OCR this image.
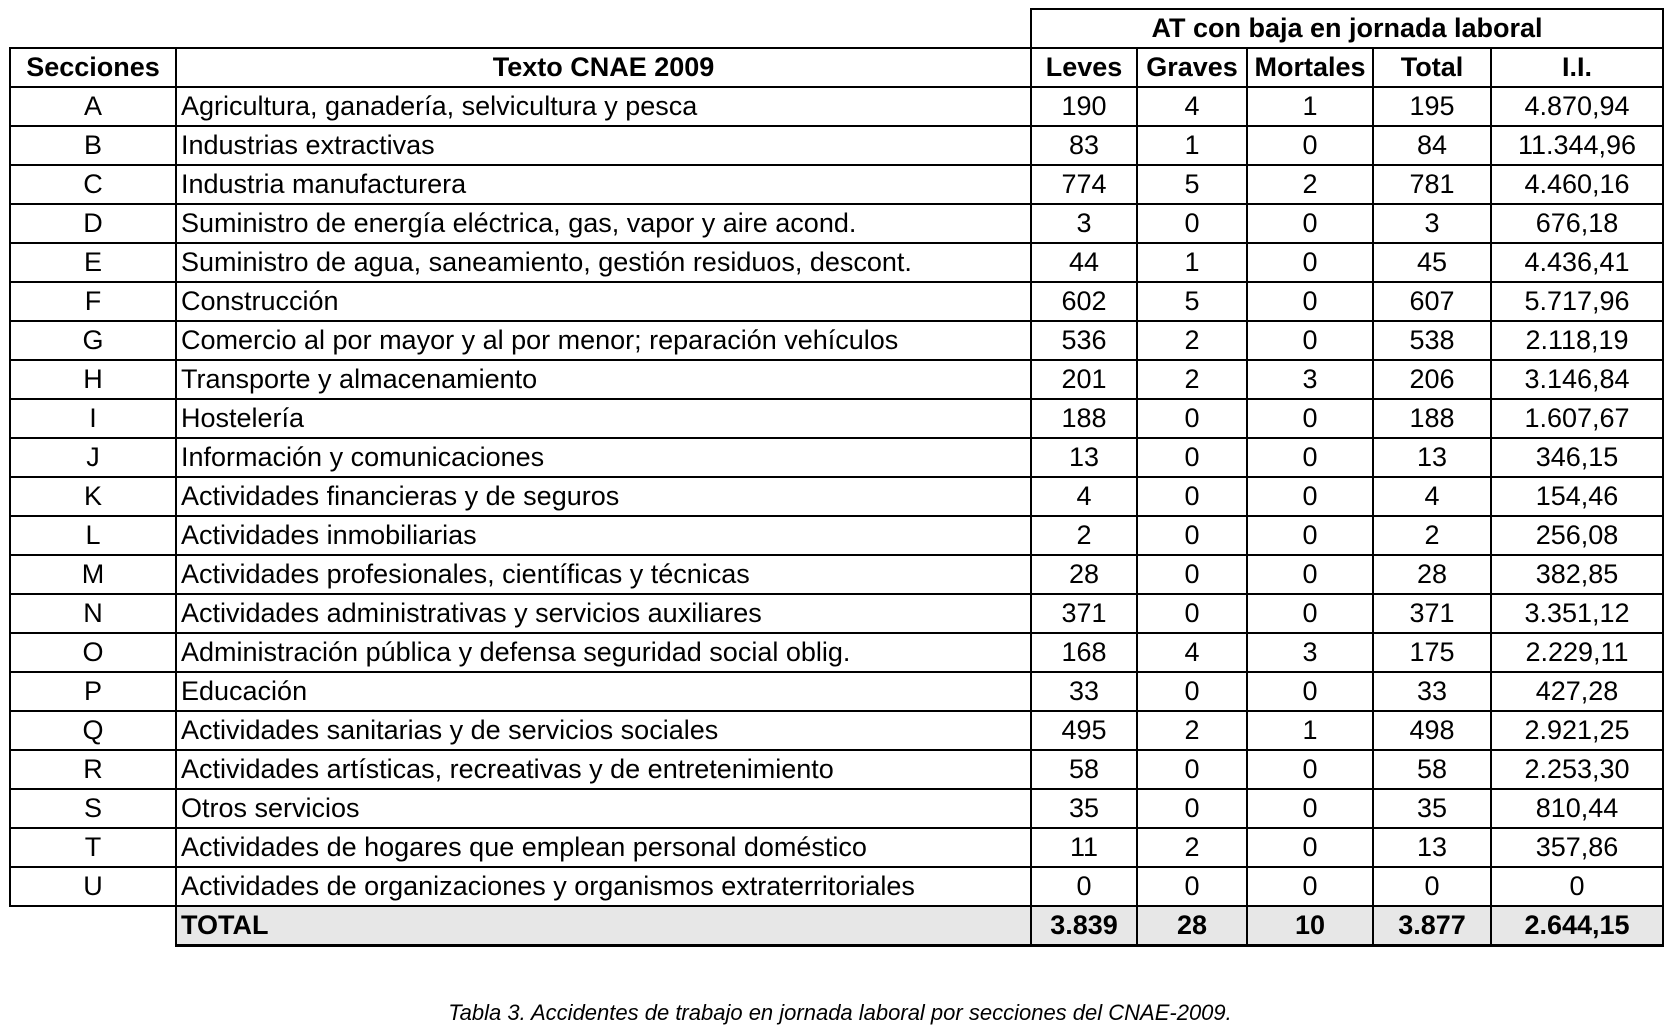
		AT con baja en jornada laboral				
Secciones	Texto CNAE 2009	Leves	Graves	Mortales	Total	I.I.
A	Agricultura, ganadería, selvicultura y pesca	190	4	1	195	4.870,94
B	Industrias extractivas	83	1	0	84	11.344,96
C	Industria manufacturera	774	5	2	781	4.460,16
D	Suministro de energía eléctrica, gas, vapor y aire acond.	3	0	0	3	676,18
E	Suministro de agua, saneamiento, gestión residuos, descont.	44	1	0	45	4.436,41
F	Construcción	602	5	0	607	5.717,96
G	Comercio al por mayor y al por menor; reparación vehículos	536	2	0	538	2.118,19
H	Transporte y almacenamiento	201	2	3	206	3.146,84
I	Hostelería	188	0	0	188	1.607,67
J	Información y comunicaciones	13	0	0	13	346,15
K	Actividades financieras y de seguros	4	0	0	4	154,46
L	Actividades inmobiliarias	2	0	0	2	256,08
M	Actividades profesionales, científicas y técnicas	28	0	0	28	382,85
N	Actividades administrativas y servicios auxiliares	371	0	0	371	3.351,12
O	Administración pública y defensa seguridad social oblig.	168	4	3	175	2.229,11
P	Educación	33	0	0	33	427,28
Q	Actividades sanitarias y de servicios sociales	495	2	1	498	2.921,25
R	Actividades artísticas, recreativas y de entretenimiento	58	0	0	58	2.253,30
S	Otros servicios	35	0	0	35	810,44
T	Actividades de hogares que emplean personal doméstico	11	2	0	13	357,86
U	Actividades de organizaciones y organismos extraterritoriales	0	0	0	0	0
	TOTAL	3.839	28	10	3.877	2.644,15
Tabla 3. Accidentes de trabajo en jornada laboral por secciones del CNAE-2009.
